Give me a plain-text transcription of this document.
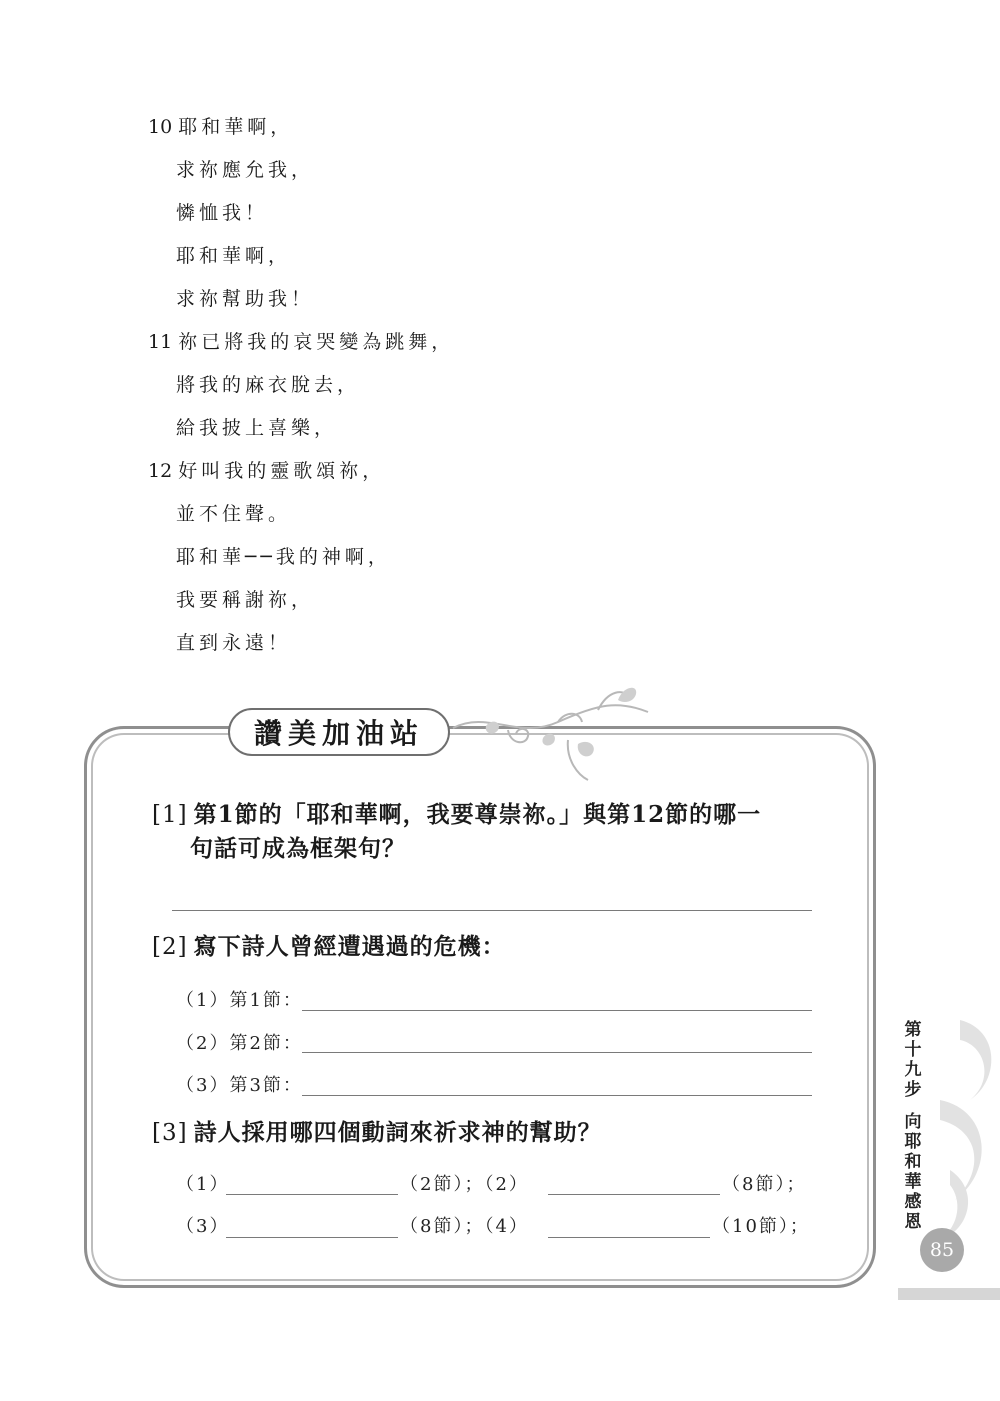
10 耶和華啊，
求祢應允我，
憐恤我！
耶和華啊，
求祢幫助我！
11 祢已將我的哀哭變為跳舞，
將我的麻衣脫去，
給我披上喜樂，
12 好叫我的靈歌頌祢，
並不住聲。
耶和華──我的神啊，
我要稱謝祢，
直到永遠！
讚美加油站
[1] 第1節的「耶和華啊，我要尊崇祢。」與第12節的哪一
句話可成為框架句？
[2] 寫下詩人曾經遭遇過的危機：
（1）第1節：
（2）第2節：
（3）第3節：
[3] 詩人採用哪四個動詞來祈求神的幫助？
（1）	（2節）；（2）	（8節）；
（3）	（8節）；（4）	（10節）；
第
十
九
步
向
耶
和
華
感
恩
85
